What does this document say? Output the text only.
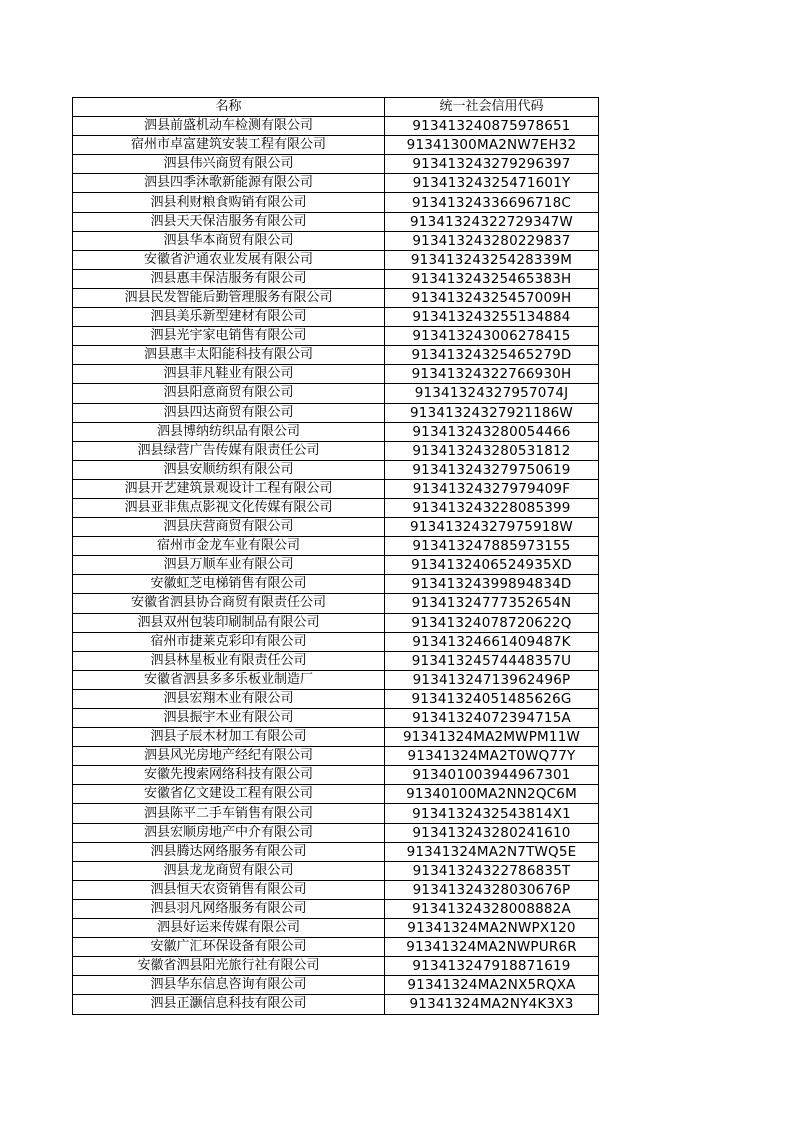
名称	统一社会信用代码
泗县前盛机动车检测有限公司	913413240875978651
宿州市卓富建筑安装工程有限公司	91341300MA2NW7EH32
泗县伟兴商贸有限公司	913413243279296397
泗县四季沐歌新能源有限公司	91341324325471601Y
泗县利财粮食购销有限公司	91341324336696718C
泗县天天保洁服务有限公司	91341324322729347W
泗县华本商贸有限公司	913413243280229837
安徽省沪通农业发展有限公司	91341324325428339M
泗县惠丰保洁服务有限公司	91341324325465383H
泗县民发智能后勤管理服务有限公司	91341324325457009H
泗县美乐新型建材有限公司	913413243255134884
泗县光宇家电销售有限公司	913413243006278415
泗县惠丰太阳能科技有限公司	91341324325465279D
泗县菲凡鞋业有限公司	91341324322766930H
泗县阳意商贸有限公司	91341324327957074J
泗县四达商贸有限公司	91341324327921186W
泗县博纳纺织品有限公司	913413243280054466
泗县绿营广告传媒有限责任公司	913413243280531812
泗县安顺纺织有限公司	913413243279750619
泗县开艺建筑景观设计工程有限公司	91341324327979409F
泗县亚非焦点影视文化传媒有限公司	913413243228085399
泗县庆营商贸有限公司	91341324327975918W
宿州市金龙车业有限公司	913413247885973155
泗县万顺车业有限公司	9134132406524935XD
安徽虹芝电梯销售有限公司	91341324399894834D
安徽省泗县协合商贸有限责任公司	91341324777352654N
泗县双州包装印刷制品有限公司	91341324078720622Q
宿州市捷莱克彩印有限公司	91341324661409487K
泗县林星板业有限责任公司	91341324574448357U
安徽省泗县多多乐板业制造厂	91341324713962496P
泗县宏翔木业有限公司	91341324051485626G
泗县振宇木业有限公司	91341324072394715A
泗县子辰木材加工有限公司	91341324MA2MWPM11W
泗县风光房地产经纪有限公司	91341324MA2T0WQ77Y
安徽先搜索网络科技有限公司	913401003944967301
安徽省亿文建设工程有限公司	91340100MA2NN2QC6M
泗县陈平二手车销售有限公司	9134132432543814X1
泗县宏顺房地产中介有限公司	913413243280241610
泗县腾达网络服务有限公司	91341324MA2N7TWQ5E
泗县龙龙商贸有限公司	91341324322786835T
泗县恒天农资销售有限公司	91341324328030676P
泗县羽凡网络服务有限公司	91341324328008882A
泗县好运来传媒有限公司	91341324MA2NWPX120
安徽广汇环保设备有限公司	91341324MA2NWPUR6R
安徽省泗县阳光旅行社有限公司	913413247918871619
泗县华东信息咨询有限公司	91341324MA2NX5RQXA
泗县正灏信息科技有限公司	91341324MA2NY4K3X3
